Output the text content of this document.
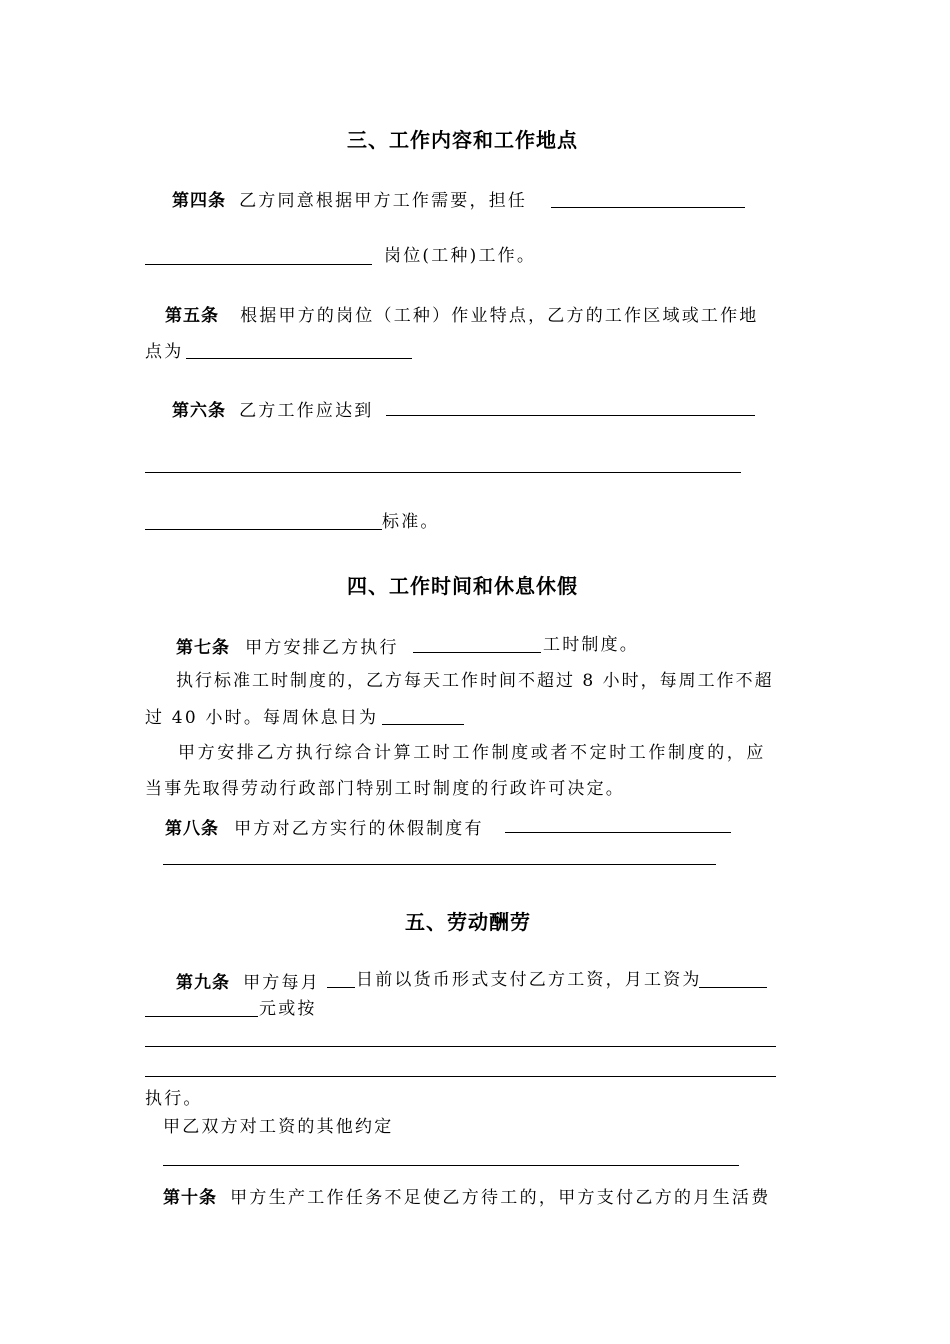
三、工作内容和工作地点
第四条 乙方同意根据甲方工作需要，担任
岗位(工种)工作。
第五条 根据甲方的岗位（工种）作业特点，乙方的工作区域或工作地
点为
第六条 乙方工作应达到
标准。
四、工作时间和休息休假
第七条 甲方安排乙方执行	工时制度。
执行标准工时制度的，乙方每天工作时间不超过 8 小时，每周工作不超
过 40 小时。每周休息日为
甲方安排乙方执行综合计算工时工作制度或者不定时工作制度的，应
当事先取得劳动行政部门特别工时制度的行政许可决定。
第八条 甲方对乙方实行的休假制度有
五、劳动酬劳
第九条 甲方每月 日前以货币形式支付乙方工资，月工资为
元或按
执行。
甲乙双方对工资的其他约定
第十条 甲方生产工作任务不足使乙方待工的，甲方支付乙方的月生活费
